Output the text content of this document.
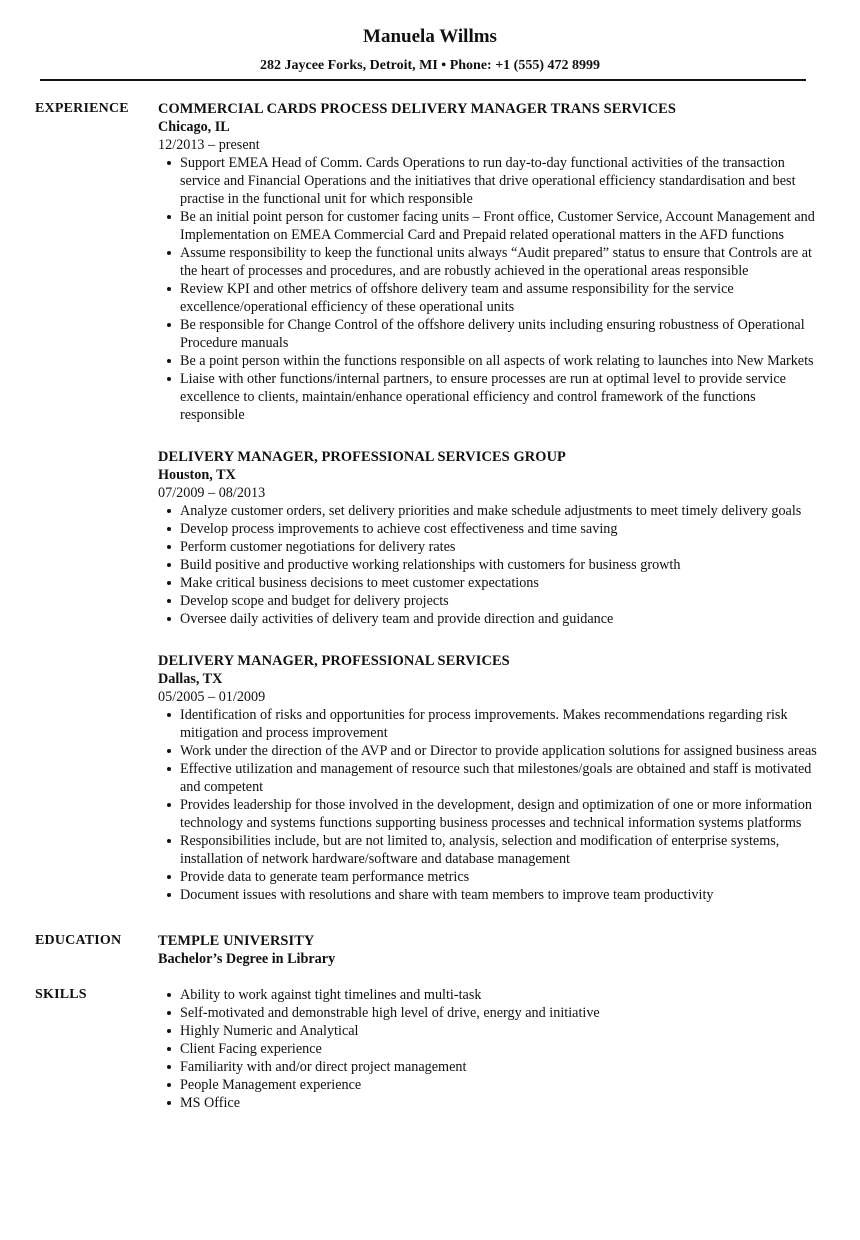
Manuela Willms
282 Jaycee Forks, Detroit, MI • Phone: +1 (555) 472 8999
EXPERIENCE COMMERCIAL CARDS PROCESS DELIVERY MANAGER TRANS SERVICES
Chicago, IL
12/2013 – present
Support EMEA Head of Comm. Cards Operations to run day-to-day functional activities of the transaction service and Financial Operations and the initiatives that drive operational efficiency standardisation and best practise in the functional unit for which responsible
Be an initial point person for customer facing units – Front office, Customer Service, Account Management and Implementation on EMEA Commercial Card and Prepaid related operational matters in the AFD functions
Assume responsibility to keep the functional units always “Audit prepared” status to ensure that Controls are at the heart of processes and procedures, and are robustly achieved in the operational areas responsible
Review KPI and other metrics of offshore delivery team and assume responsibility for the service excellence/operational efficiency of these operational units
Be responsible for Change Control of the offshore delivery units including ensuring robustness of Operational Procedure manuals
Be a point person within the functions responsible on all aspects of work relating to launches into New Markets
Liaise with other functions/internal partners, to ensure processes are run at optimal level to provide service excellence to clients, maintain/enhance operational efficiency and control framework of the functions responsible
DELIVERY MANAGER, PROFESSIONAL SERVICES GROUP
Houston, TX
07/2009 – 08/2013
Analyze customer orders, set delivery priorities and make schedule adjustments to meet timely delivery goals
Develop process improvements to achieve cost effectiveness and time saving
Perform customer negotiations for delivery rates
Build positive and productive working relationships with customers for business growth
Make critical business decisions to meet customer expectations
Develop scope and budget for delivery projects
Oversee daily activities of delivery team and provide direction and guidance
DELIVERY MANAGER, PROFESSIONAL SERVICES
Dallas, TX
05/2005 – 01/2009
Identification of risks and opportunities for process improvements. Makes recommendations regarding risk mitigation and process improvement
Work under the direction of the AVP and or Director to provide application solutions for assigned business areas
Effective utilization and management of resource such that milestones/goals are obtained and staff is motivated and competent
Provides leadership for those involved in the development, design and optimization of one or more information technology and systems functions supporting business processes and technical information systems platforms
Responsibilities include, but are not limited to, analysis, selection and modification of enterprise systems, installation of network hardware/software and database management
Provide data to generate team performance metrics
Document issues with resolutions and share with team members to improve team productivity
EDUCATION	TEMPLE UNIVERSITY
Bachelor’s Degree in Library
SKILLS	Ability to work against tight timelines and multi-task
Self-motivated and demonstrable high level of drive, energy and initiative
Highly Numeric and Analytical
Client Facing experience
Familiarity with and/or direct project management
People Management experience
MS Office
